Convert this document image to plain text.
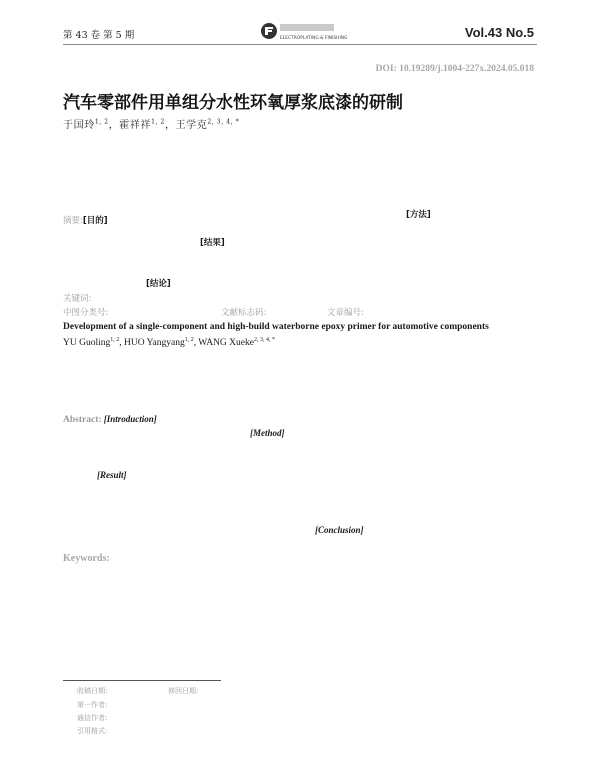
第 43 卷 第 5 期	ELECTROPLATING & FINISHING	Vol.43 No.5
DOI: 10.19289/j.1004-227x.2024.05.018
汽车零部件用单组分水性环氧厚浆底漆的研制
于国玲$^{1, 2}$，霍祥祥$^{1, 2}$，王学克$^{2, 3, 4, *}$
摘要:[目的]
[方法]
[结果]
[结论]
关键词:
中图分类号:	文献标志码:	文章编号:
Development of a single-component and high-build waterborne epoxy primer for automotive components
YU Guoling$^{1, 2}$, HUO Yangyang$^{1, 2}$, WANG Xueke$^{2, 3, 4, *}$
Abstract: [Introduction]
[Method]
[Result]
[Conclusion]
Keywords:
收稿日期:	修回日期:
第一作者:
通信作者:
引用格式:
